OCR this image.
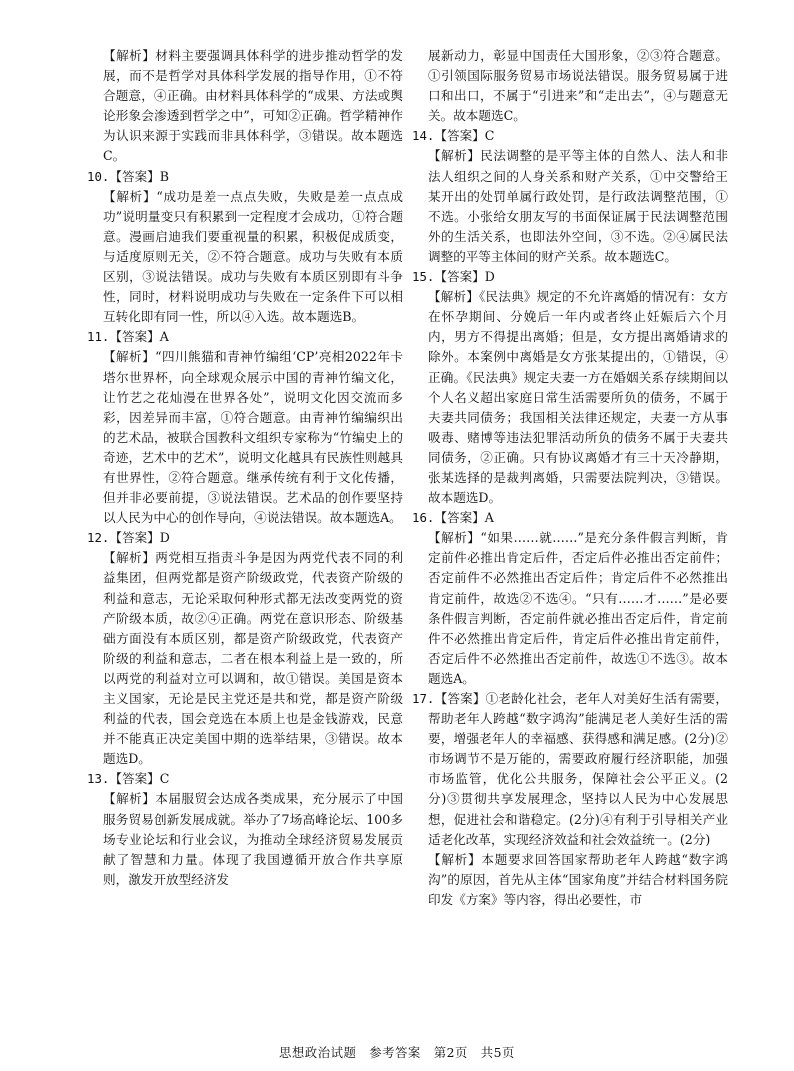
【解析】材料主要强调具体科学的进步推动哲学的发展，而不是哲学对具体科学发展的指导作用，①不符合题意，④正确。由材料具体科学的“成果、方法或舆论形象会渗透到哲学之中”，可知②正确。哲学精神作为认识来源于实践而非具体科学，③错误。故本题选C。

10.【答案】B

【解析】“成功是差一点点失败，失败是差一点点成功”说明量变只有积累到一定程度才会成功，①符合题意。漫画启迪我们要重视量的积累，积极促成质变，与适度原则无关，②不符合题意。成功与失败有本质区别，③说法错误。成功与失败有本质区别即有斗争性，同时，材料说明成功与失败在一定条件下可以相互转化即有同一性，所以④入选。故本题选B。

11.【答案】A

【解析】“四川熊猫和青神竹编组‘CP’亮相2022年卡塔尔世界杯，向全球观众展示中国的青神竹编文化，让竹艺之花灿漫在世界各处”，说明文化因交流而多彩，因差异而丰富，①符合题意。由青神竹编编织出的艺术品，被联合国教科文组织专家称为“竹编史上的奇迹，艺术中的艺术”，说明文化越具有民族性则越具有世界性，②符合题意。继承传统有利于文化传播，但并非必要前提，③说法错误。艺术品的创作要坚持以人民为中心的创作导向，④说法错误。故本题选A。

12.【答案】D

【解析】两党相互指责斗争是因为两党代表不同的利益集团，但两党都是资产阶级政党，代表资产阶级的利益和意志，无论采取何种形式都无法改变两党的资产阶级本质，故②④正确。两党在意识形态、阶级基础方面没有本质区别，都是资产阶级政党，代表资产阶级的利益和意志，二者在根本利益上是一致的，所以两党的利益对立可以调和，故①错误。美国是资本主义国家，无论是民主党还是共和党，都是资产阶级利益的代表，国会竞选在本质上也是金钱游戏，民意并不能真正决定美国中期的选举结果，③错误。故本题选D。

13.【答案】C

【解析】本届服贸会达成各类成果，充分展示了中国服务贸易创新发展成就。举办了7场高峰论坛、100多场专业论坛和行业会议，为推动全球经济贸易发展贡献了智慧和力量。体现了我国遵循开放合作共享原则，激发开放型经济发

展新动力，彰显中国责任大国形象，②③符合题意。①引领国际服务贸易市场说法错误。服务贸易属于进口和出口，不属于“引进来”和“走出去”，④与题意无关。故本题选C。

14.【答案】C

【解析】民法调整的是平等主体的自然人、法人和非法人组织之间的人身关系和财产关系，①中交警给王某开出的处罚单属行政处罚，是行政法调整范围，①不选。小张给女朋友写的书面保证属于民法调整范围外的生活关系，也即法外空间，③不选。②④属民法调整的平等主体间的财产关系。故本题选C。

15.【答案】D

【解析】《民法典》规定的不允许离婚的情况有：女方在怀孕期间、分娩后一年内或者终止妊娠后六个月内，男方不得提出离婚；但是，女方提出离婚请求的除外。本案例中离婚是女方张某提出的，①错误，④正确。《民法典》规定夫妻一方在婚姻关系存续期间以个人名义超出家庭日常生活需要所负的债务，不属于夫妻共同债务；我国相关法律还规定，夫妻一方从事吸毒、赌博等违法犯罪活动所负的债务不属于夫妻共同债务，②正确。只有协议离婚才有三十天冷静期，张某选择的是裁判离婚，只需要法院判决，③错误。故本题选D。

16.【答案】A

【解析】“如果……就……”是充分条件假言判断，肯定前件必推出肯定后件，否定后件必推出否定前件；否定前件不必然推出否定后件；肯定后件不必然推出肯定前件，故选②不选④。“只有……才……”是必要条件假言判断，否定前件就必推出否定后件，肯定前件不必然推出肯定后件，肯定后件必推出肯定前件，否定后件不必然推出否定前件，故选①不选③。故本题选A。

17.【答案】①老龄化社会，老年人对美好生活有需要，帮助老年人跨越“数字鸿沟”能满足老人美好生活的需要，增强老年人的幸福感、获得感和满足感。(2分)②市场调节不是万能的，需要政府履行经济职能，加强市场监管，优化公共服务，保障社会公平正义。(2分)③贯彻共享发展理念，坚持以人民为中心发展思想，促进社会和谐稳定。(2分)④有利于引导相关产业适老化改革，实现经济效益和社会效益统一。(2分)

【解析】本题要求回答国家帮助老年人跨越“数字鸿沟”的原因，首先从主体“国家角度”并结合材料国务院印发《方案》等内容，得出必要性，市

思想政治试题　参考答案　第2页　共5页
